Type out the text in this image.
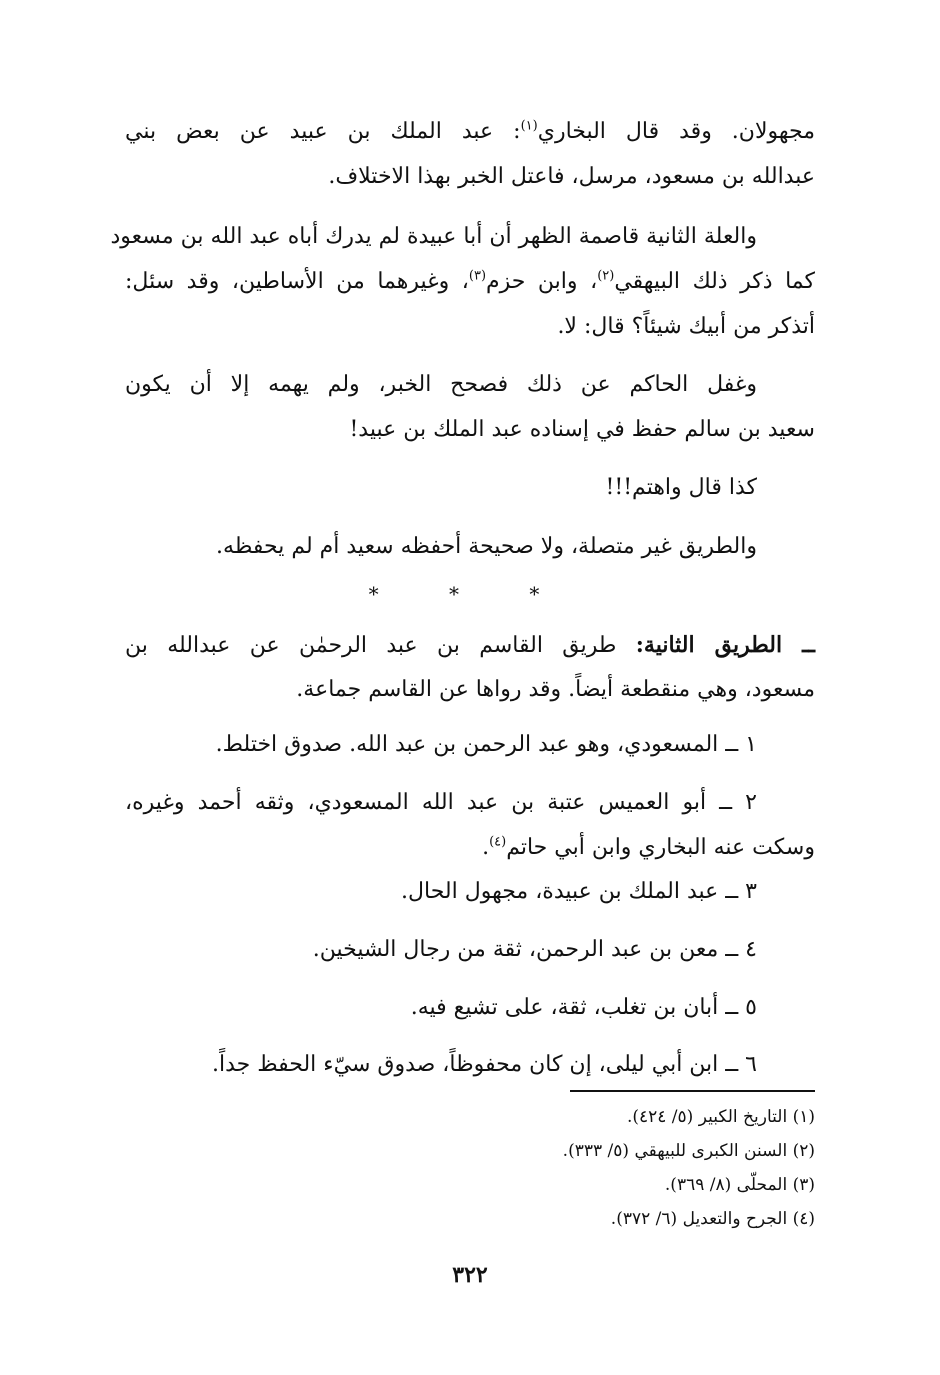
مجهولان. وقد قال البخاري$^{(١)}$: عبد الملك بن عبيد عن بعض بني
عبدالله بن مسعود، مرسل، فاعتل الخبر بهذا الاختلاف.
والعلة الثانية قاصمة الظهر أن أبا عبيدة لم يدرك أباه عبد الله بن مسعود
كما ذكر ذلك البيهقي$^{(٢)}$، وابن حزم$^{(٣)}$، وغيرهما من الأساطين، وقد سئل:
أتذكر من أبيك شيئاً؟ قال: لا.
وغفل الحاكم عن ذلك فصحح الخبر، ولم يهمه إلا أن يكون
سعيد بن سالم حفظ في إسناده عبد الملك بن عبيد!
كذا قال واهتم!!!
والطريق غير متصلة، ولا صحيحة أحفظه سعيد أم لم يحفظه.
* * *
ــ الطريق الثانية: طريق القاسم بن عبد الرحمٰن عن عبدالله بن
مسعود، وهي منقطعة أيضاً. وقد رواها عن القاسم جماعة.
١ ــ المسعودي، وهو عبد الرحمن بن عبد الله. صدوق اختلط.
٢ ــ أبو العميس عتبة بن عبد الله المسعودي، وثقه أحمد وغيره،
وسكت عنه البخاري وابن أبي حاتم$^{(٤)}$.
٣ ــ عبد الملك بن عبيدة، مجهول الحال.
٤ ــ معن بن عبد الرحمن، ثقة من رجال الشيخين.
٥ ــ أبان بن تغلب، ثقة، على تشيع فيه.
٦ ــ ابن أبي ليلى، إن كان محفوظاً، صدوق سيّء الحفظ جداً.
(١) التاريخ الكبير (٥/ ٤٢٤).
(٢) السنن الكبرى للبيهقي (٥/ ٣٣٣).
(٣) المحلّى (٨/ ٣٦٩).
(٤) الجرح والتعديل (٦/ ٣٧٢).
٣٢٢
